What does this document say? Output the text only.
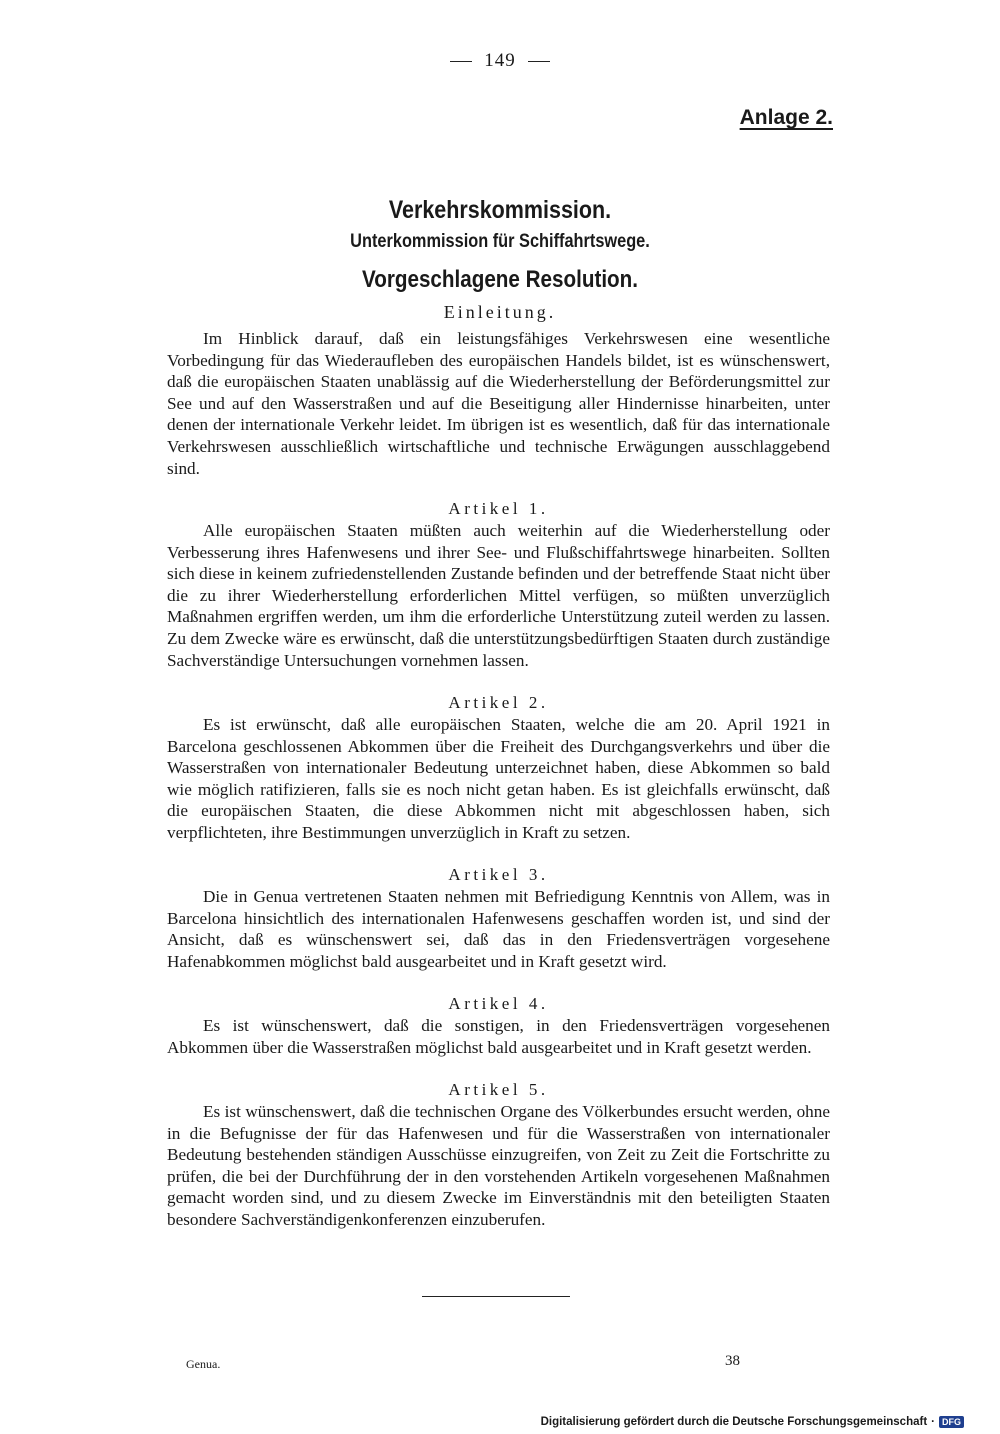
149
Anlage 2.
Verkehrskommission.
Unterkommission für Schiffahrtswege.
Vorgeschlagene Resolution.
Einleitung.

Im Hinblick darauf, daß ein leistungsfähiges Verkehrswesen eine wesentliche Vorbedingung für das Wiederaufleben des europäischen Handels bildet, ist es wünschenswert, daß die europäischen Staaten unablässig auf die Wiederherstellung der Beförderungsmittel zur See und auf den Wasserstraßen und auf die Beseitigung aller Hindernisse hinarbeiten, unter denen der internationale Verkehr leidet. Im übrigen ist es wesentlich, daß für das internationale Verkehrswesen ausschließlich wirtschaftliche und technische Erwägungen ausschlaggebend sind.

Artikel 1.

Alle europäischen Staaten müßten auch weiterhin auf die Wiederherstellung oder Verbesserung ihres Hafenwesens und ihrer See- und Flußschiffahrtswege hinarbeiten. Sollten sich diese in keinem zufriedenstellenden Zustande befinden und der betreffende Staat nicht über die zu ihrer Wiederherstellung erforderlichen Mittel verfügen, so müßten unverzüglich Maßnahmen ergriffen werden, um ihm die erforderliche Unterstützung zuteil werden zu lassen. Zu dem Zwecke wäre es erwünscht, daß die unterstützungsbedürftigen Staaten durch zuständige Sachverständige Untersuchungen vornehmen lassen.

Artikel 2.

Es ist erwünscht, daß alle europäischen Staaten, welche die am 20. April 1921 in Barcelona geschlossenen Abkommen über die Freiheit des Durchgangsverkehrs und über die Wasserstraßen von internationaler Bedeutung unterzeichnet haben, diese Abkommen so bald wie möglich ratifizieren, falls sie es noch nicht getan haben. Es ist gleichfalls erwünscht, daß die europäischen Staaten, die diese Abkommen nicht mit abgeschlossen haben, sich verpflichteten, ihre Bestimmungen unverzüglich in Kraft zu setzen.

Artikel 3.

Die in Genua vertretenen Staaten nehmen mit Befriedigung Kenntnis von Allem, was in Barcelona hinsichtlich des internationalen Hafenwesens geschaffen worden ist, und sind der Ansicht, daß es wünschenswert sei, daß das in den Friedensverträgen vorgesehene Hafenabkommen möglichst bald ausgearbeitet und in Kraft gesetzt wird.

Artikel 4.

Es ist wünschenswert, daß die sonstigen, in den Friedensverträgen vorgesehenen Abkommen über die Wasserstraßen möglichst bald ausgearbeitet und in Kraft gesetzt werden.

Artikel 5.

Es ist wünschenswert, daß die technischen Organe des Völkerbundes ersucht werden, ohne in die Befugnisse der für das Hafenwesen und für die Wasserstraßen von internationaler Bedeutung bestehenden ständigen Ausschüsse einzugreifen, von Zeit zu Zeit die Fortschritte zu prüfen, die bei der Durchführung der in den vorstehenden Artikeln vorgesehenen Maßnahmen gemacht worden sind, und zu diesem Zwecke im Einverständnis mit den beteiligten Staaten besondere Sachverständigenkonferenzen einzuberufen.

Genua.	38
Digitalisierung gefördert durch die Deutsche Forschungsgemeinschaft · DFG
